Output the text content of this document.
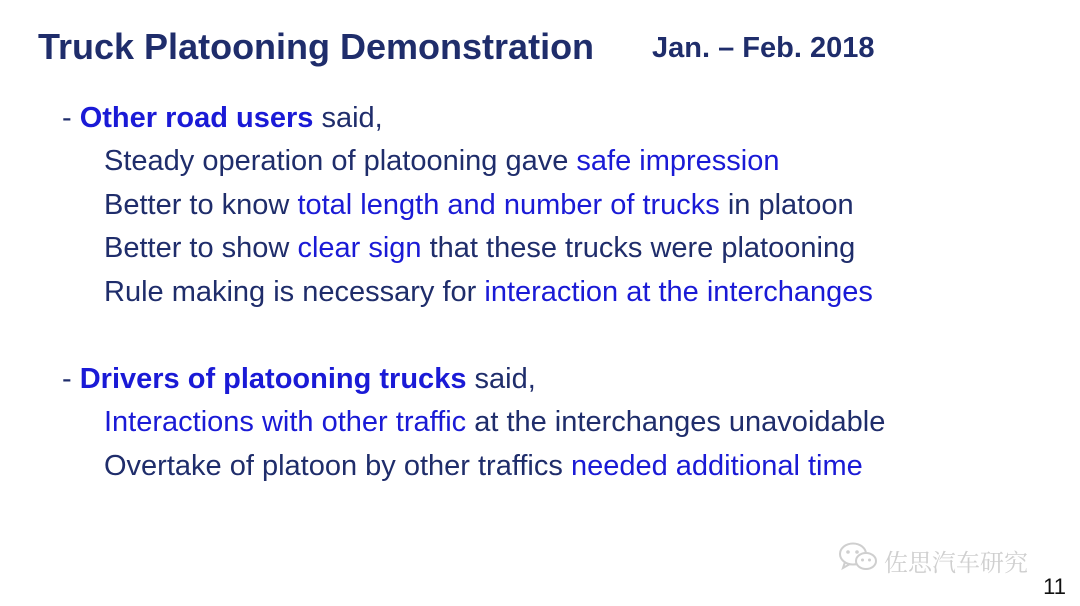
Truck Platooning Demonstration Jan. – Feb. 2018
- Other road users said,
Steady operation of platooning gave safe impression
Better to know total length and number of trucks in platoon
Better to show clear sign that these trucks were platooning
Rule making is necessary for interaction at the interchanges
- Drivers of platooning trucks said,
Interactions with other traffic at the interchanges unavoidable
Overtake of platoon by other traffics needed additional time
佐思汽车研究
11
